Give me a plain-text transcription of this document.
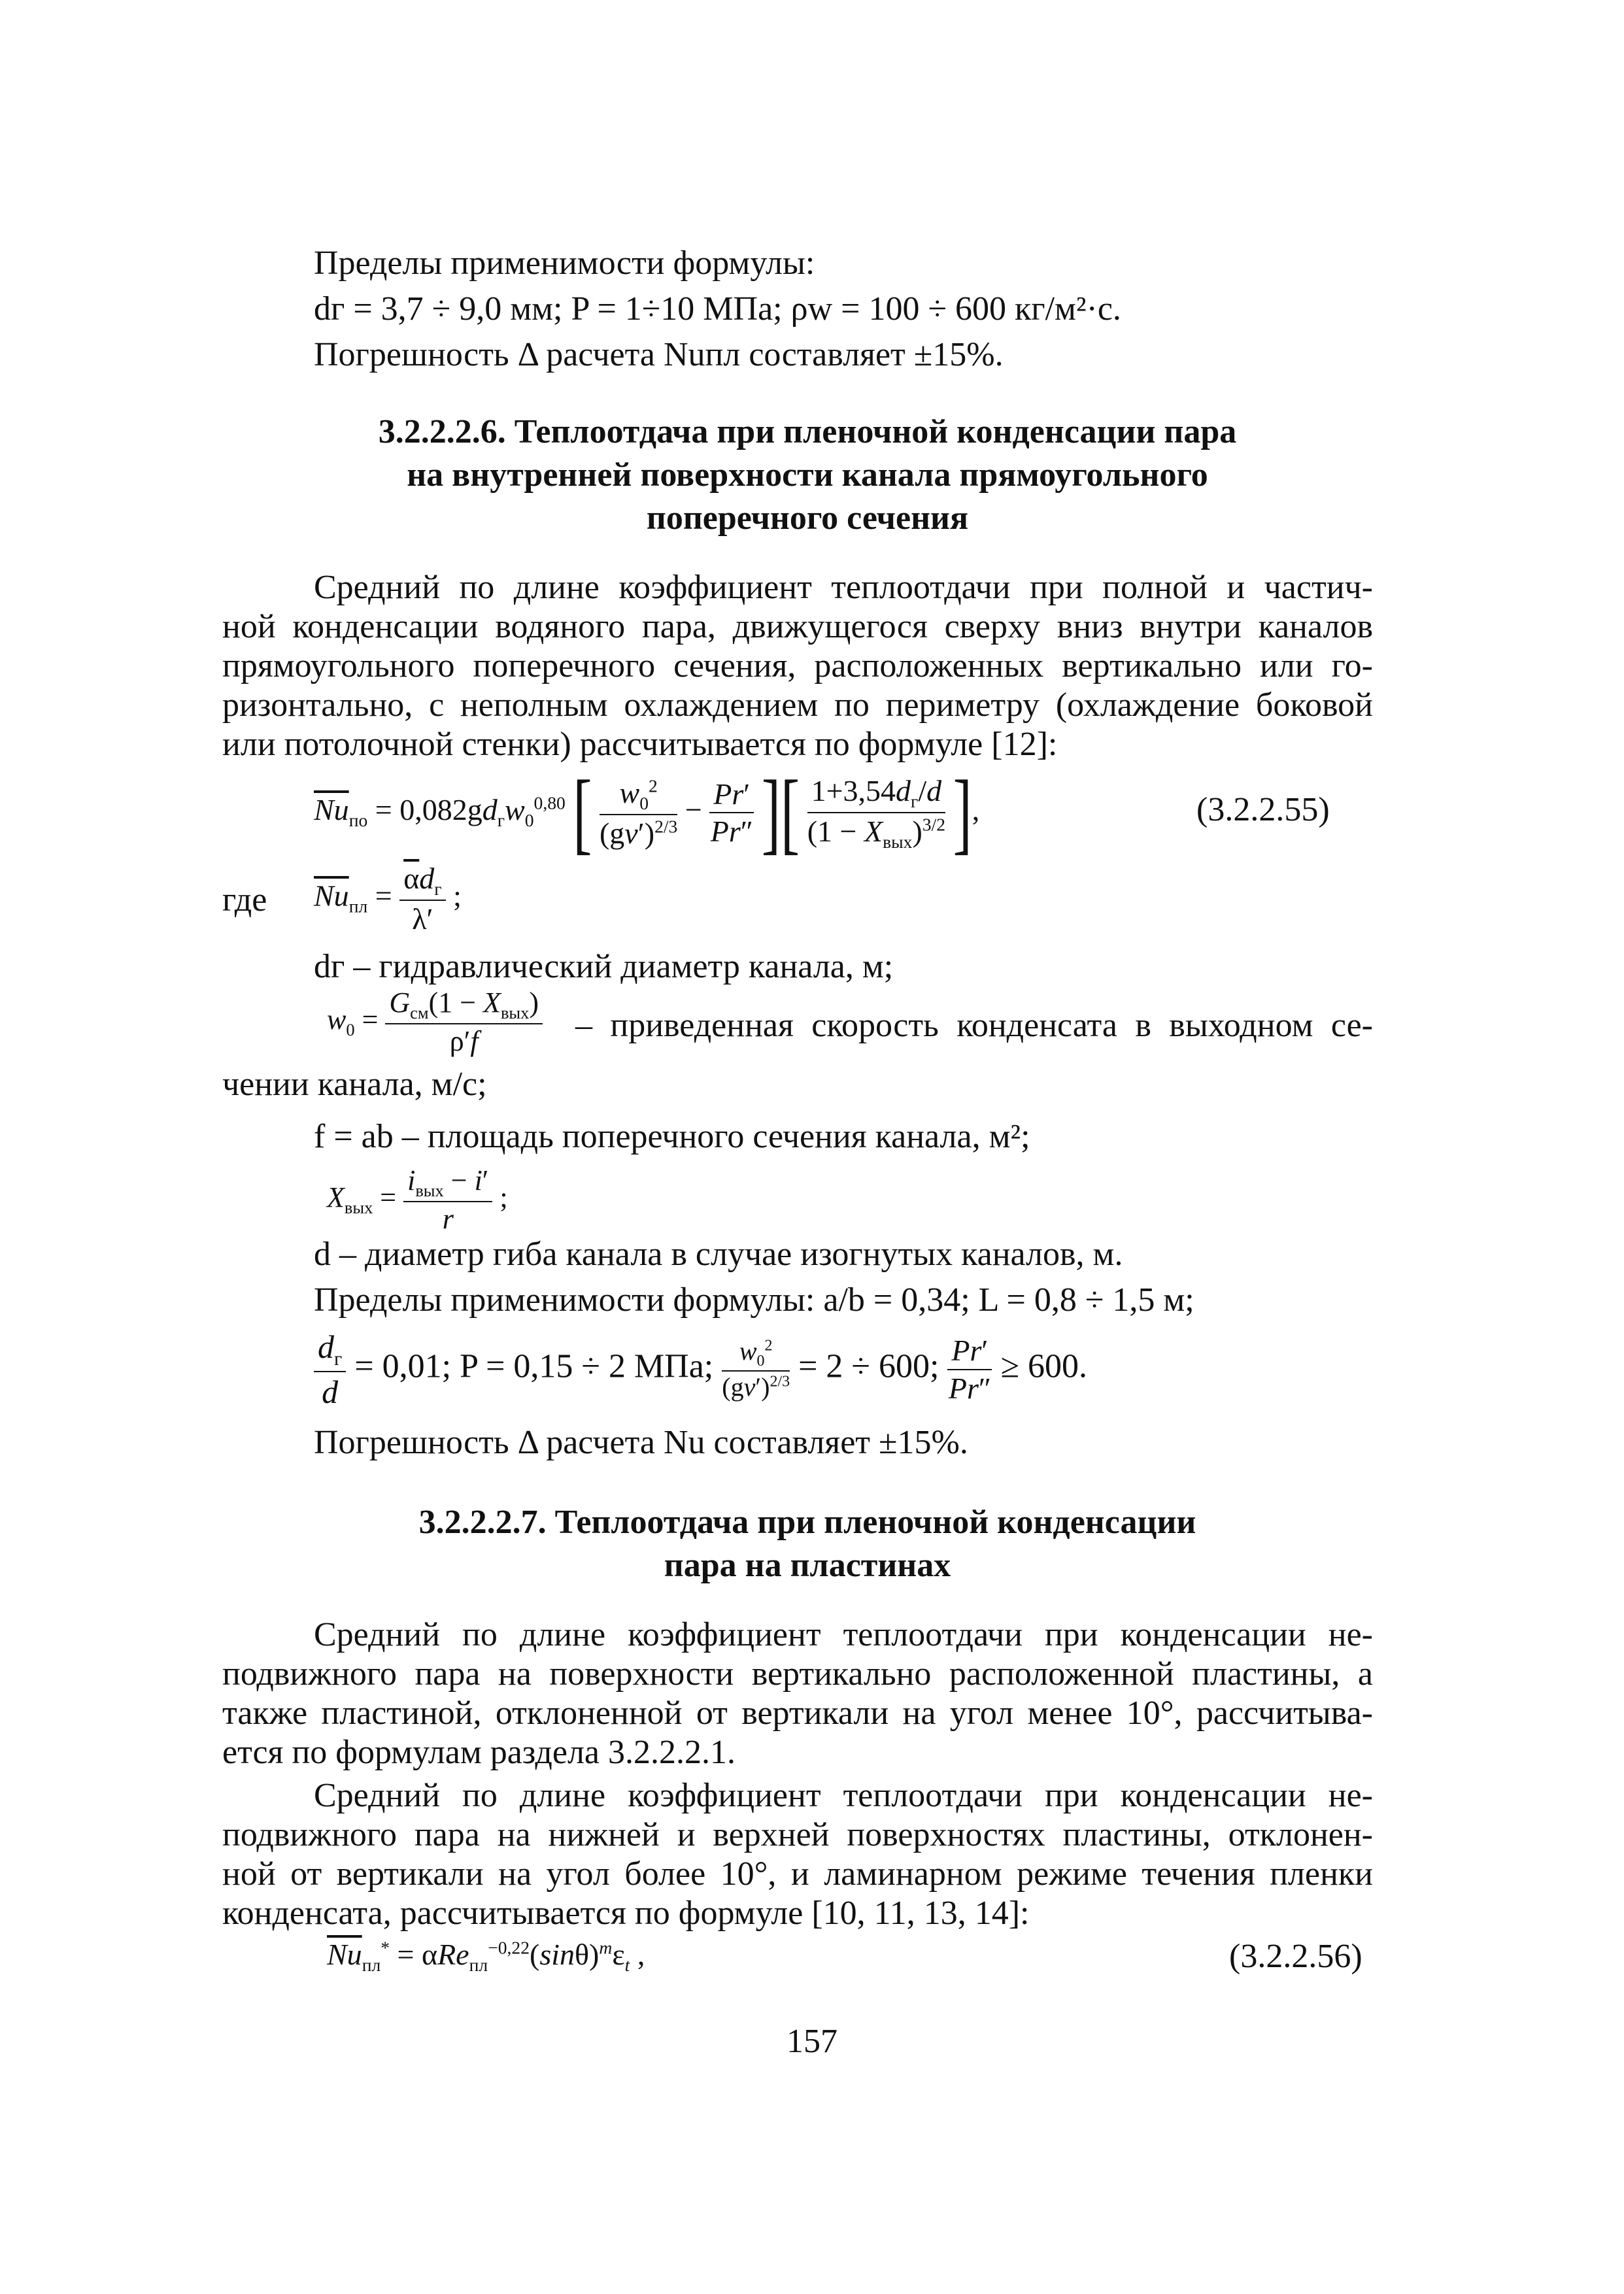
Пределы применимости формулы:
dг = 3,7 ÷ 9,0 мм; P = 1÷10 МПа; ρw = 100 ÷ 600 кг/м²·с.
Погрешность Δ расчета Nuпл составляет ±15%.
3.2.2.2.6. Теплоотдача при пленочной конденсации пара
на внутренней поверхности канала прямоугольного
поперечного сечения
Средний по длине коэффициент теплоотдачи при полной и частич-
ной конденсации водяного пара, движущегося сверху вниз внутри каналов
прямоугольного поперечного сечения, расположенных вертикально или го-
ризонтально, с неполным охлаждением по периметру (охлаждение боковой
или потолочной стенки) рассчитывается по формуле [12]:
$\overline{Nu}_{по} = 0,082gd_гw_0^{0,80}$ [ $\frac{w_0^2}{(g\nu')^{2/3}} - \frac{Pr'}{Pr''}$ ][ $1+3,54d_г/d$
$(1 - X_{вых})^{3/2}$ ],	(3.2.2.55)
где $\overline{Nu}_{пл}$ =
$\overline{\alpha}d_г$
λ′
;
dг – гидравлический диаметр канала, м;
$w_0$ =
$G_{см}(1 - X_{вых})$
ρ′f	– приведенная скорость конденсата в выходном се-
чении канала, м/с;
f = ab – площадь поперечного сечения канала, м²;
$X_{вых}$ =
$i_{вых} - i'$
r
;
d – диаметр гиба канала в случае изогнутых каналов, м.
Пределы применимости формулы: a/b = 0,34; L = 0,8 ÷ 1,5 м;
$d_г$
d
= 0,01; P = 0,15 ÷ 2 МПа; $\frac{w_0^2}{(g\nu')^{2/3}} = 2 \div 600$; $\frac{Pr'}{Pr''} \ge 600$.
Погрешность Δ расчета Nu составляет ±15%.
3.2.2.2.7. Теплоотдача при пленочной конденсации
пара на пластинах
Средний по длине коэффициент теплоотдачи при конденсации не-
подвижного пара на поверхности вертикально расположенной пластины, а
также пластиной, отклоненной от вертикали на угол менее 10°, рассчитыва-
ется по формулам раздела 3.2.2.2.1.
Средний по длине коэффициент теплоотдачи при конденсации не-
подвижного пара на нижней и верхней поверхностях пластины, отклонен-
ной от вертикали на угол более 10°, и ламинарном режиме течения пленки
конденсата, рассчитывается по формуле [10, 11, 13, 14]:
$\overline{Nu}_{пл}^* = \alpha Re_{пл}^{-0,22}(\sin\theta)^m\varepsilon_t$ ,	(3.2.2.56)
157
